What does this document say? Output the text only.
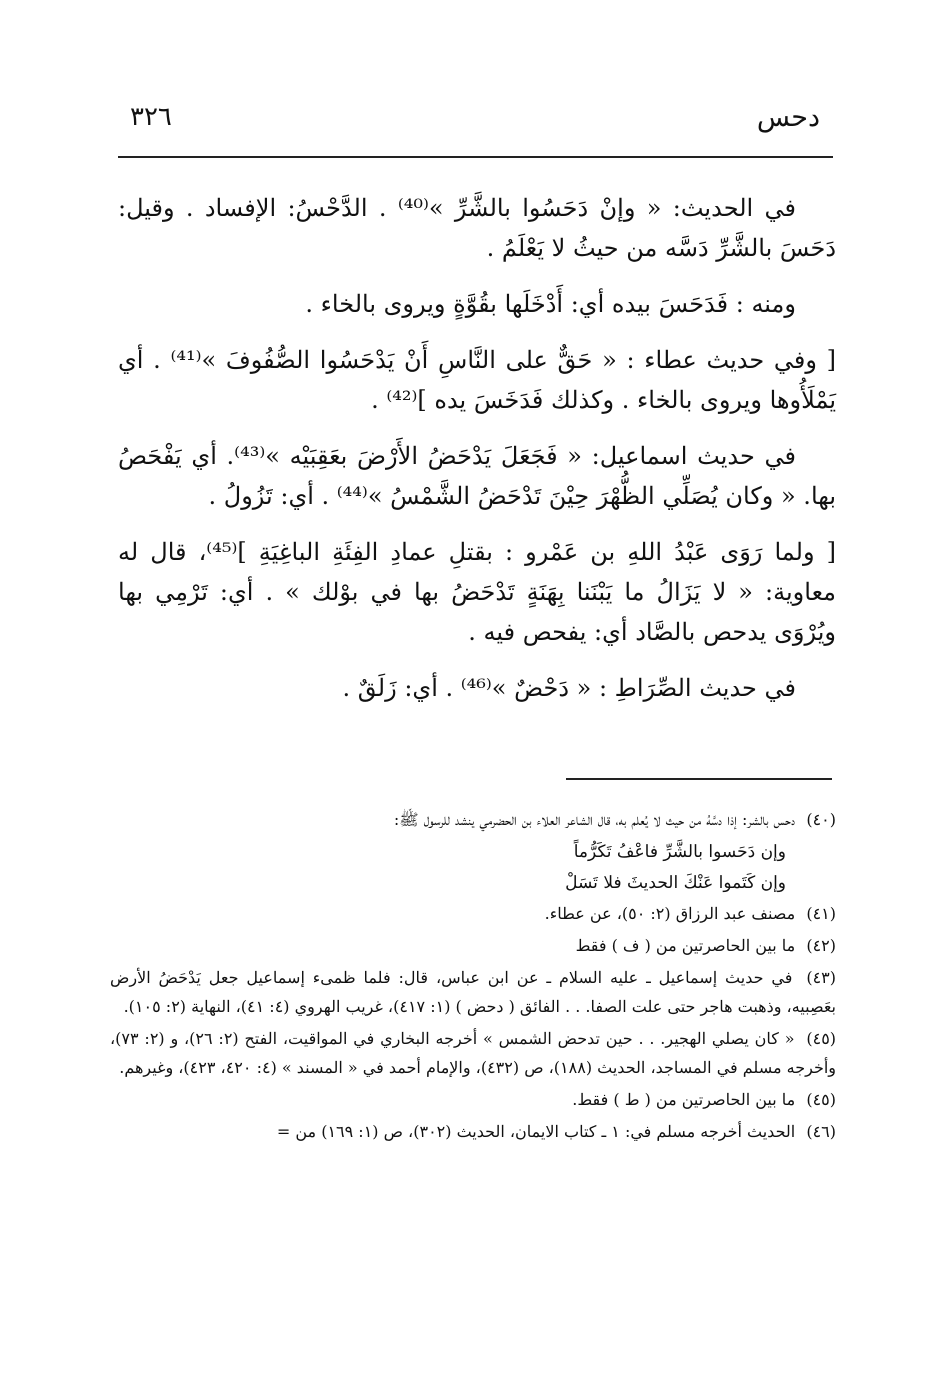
دحس
٣٢٦

في الحديث: « وإنْ دَحَسُوا بالشَّرِّ »⁽⁴⁰⁾ . الدَّحْسُ: الإفساد . وقيل: دَحَسَ بالشَّرِّ دَسَّه من حيثُ لا يَعْلَمُ .

ومنه : فَدَحَسَ بيده أي: أَدْخَلَها بقُوَّةٍ ويروى بالخاء .

[ وفي حديث عطاء : « حَقٌّ على النَّاسِ أَنْ يَدْحَسُوا الصُّفُوفَ »⁽⁴¹⁾ . أي يَمْلَأُوها ويروى بالخاء . وكذلك فَدَخَسَ يده ]⁽⁴²⁾ .

في حديث اسماعيل: « فَجَعَلَ يَدْحَضُ الأَرْضَ بعَقِبَيْه »⁽⁴³⁾. أي يَفْحَصُ بها. « وكان يُصَلِّي الظُّهْرَ حِيْنَ تَدْحَضُ الشَّمْسُ »⁽⁴⁴⁾ . أي: تَزُولُ .

[ ولما رَوَى عَبْدُ اللهِ بن عَمْرو : بقتلِ عمادِ الفِئَةِ الباغِيَةِ ]⁽⁴⁵⁾، قال له معاوية: « لا يَزَالُ ما يَبْنَنا بِهَنَةٍ تَدْحَضُ بها في بوْلك » . أي: تَرْمِي بها ويُرْوَى يدحص بالصَّاد أي: يفحص فيه .

في حديث الصِّرَاطِ : « دَحْضٌ »⁽⁴⁶⁾ . أي: زَلَقٌ .

(٤٠) دحس بالشر: إذا دسَّهُ من حيث لا يُعلم به، قال الشاعر العلاء بن الحضرمي ينشد للرسول ﷺ:
وإن دَحَسوا بالشَّرِّ فاعْفُ تَكَرُّماً
وإن كَتَموا عَنْكَ الحديثَ فلا تَسَلْ
(٤١) مصنف عبد الرزاق (٢: ٥٠)، عن عطاء.
(٤٢) ما بين الحاصرتين من ( ف ) فقط
(٤٣) في حديث إسماعيل ـ عليه السلام ـ عن ابن عباس، قال: فلما ظمىء إسماعيل جعل يَدْحَضُ الأرض بعَصِبيه، وذهبت هاجر حتى علت الصفا. . . الفائق ( دحض ) (١: ٤١٧)، غريب الهروي (٤: ٤١)، النهاية (٢: ١٠٥).
(٤٥) « كان يصلي الهجير. . . حين تدحض الشمس » أخرجه البخاري في المواقيت، الفتح (٢: ٢٦)، و (٢: ٧٣)، وأخرجه مسلم في المساجد، الحديث (١٨٨)، ص (٤٣٢)، والإمام أحمد في « المسند » (٤: ٤٢٠، ٤٢٣)، وغيرهم.
(٤٥) ما بين الحاصرتين من ( ط ) فقط.
(٤٦) الحديث أخرجه مسلم في: ١ ـ كتاب الايمان، الحديث (٣٠٢)، ص (١: ١٦٩) من =
